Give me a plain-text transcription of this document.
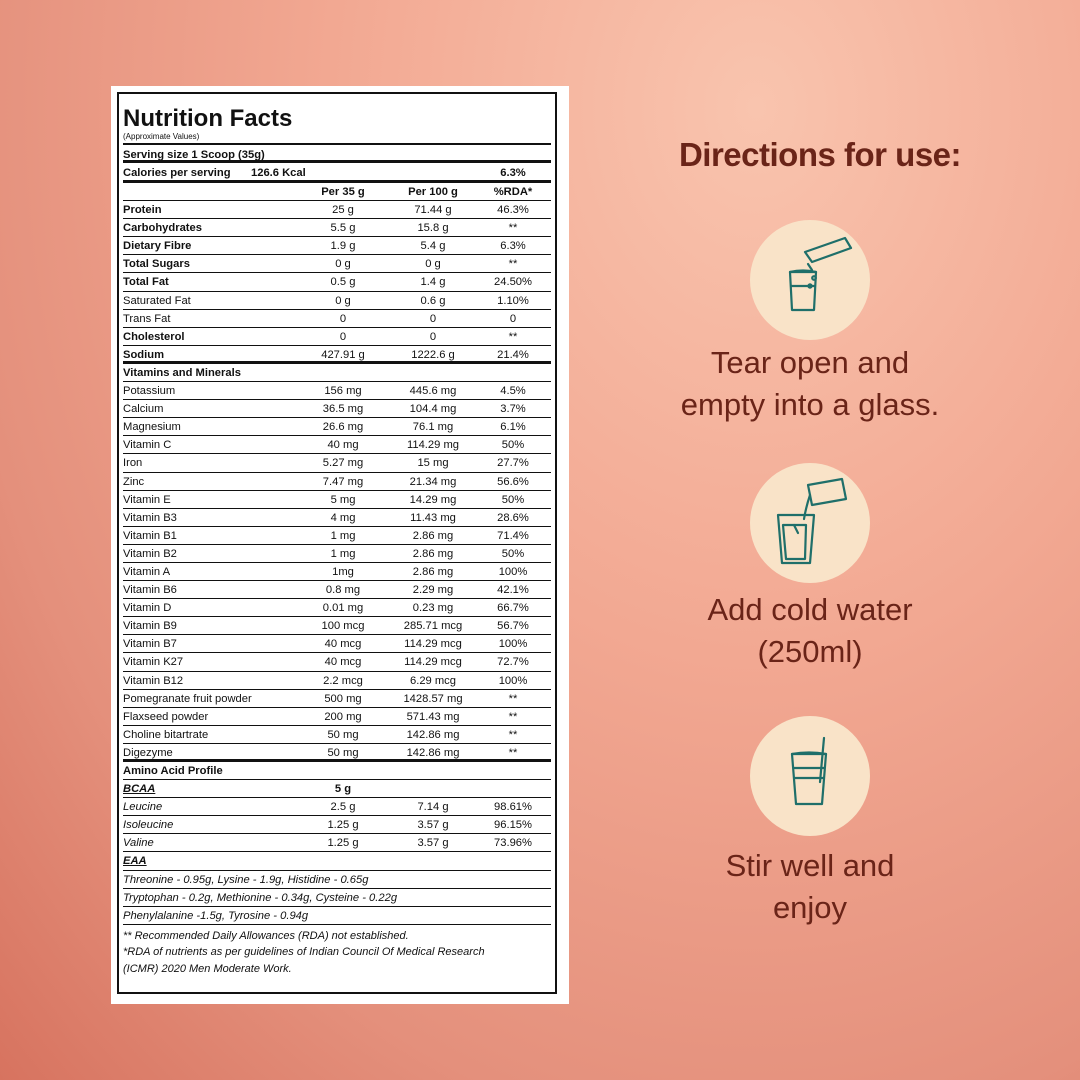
Nutrition Facts
(Approximate Values)
Serving size 1 Scoop (35g)
Calories per serving	126.6 Kcal	6.3%
Per 35 g	Per 100 g	%RDA*
Protein	25 g	71.44 g	46.3%
Carbohydrates	5.5 g	15.8 g	**
Dietary Fibre	1.9 g	5.4 g	6.3%
Total Sugars	0 g	0 g	**
Total Fat	0.5 g	1.4 g	24.50%
Saturated Fat	0 g	0.6 g	1.10%
Trans Fat	0	0	0
Cholesterol	0	0	**
Sodium	427.91 g	1222.6 g	21.4%
Vitamins and Minerals
Potassium	156 mg	445.6 mg	4.5%
Calcium	36.5 mg	104.4 mg	3.7%
Magnesium	26.6 mg	76.1 mg	6.1%
Vitamin C	40 mg	114.29 mg	50%
Iron	5.27 mg	15 mg	27.7%
Zinc	7.47 mg	21.34 mg	56.6%
Vitamin E	5 mg	14.29 mg	50%
Vitamin B3	4 mg	11.43 mg	28.6%
Vitamin B1	1 mg	2.86 mg	71.4%
Vitamin B2	1 mg	2.86 mg	50%
Vitamin A	1mg	2.86 mg	100%
Vitamin B6	0.8 mg	2.29 mg	42.1%
Vitamin D	0.01 mg	0.23 mg	66.7%
Vitamin B9	100 mcg	285.71 mcg	56.7%
Vitamin B7	40 mcg	114.29 mcg	100%
Vitamin K27	40 mcg	114.29 mcg	72.7%
Vitamin B12	2.2 mcg	6.29 mcg	100%
Pomegranate fruit powder	500 mg	1428.57 mg	**
Flaxseed powder	200 mg	571.43 mg	**
Choline bitartrate	50 mg	142.86 mg	**
Digezyme	50 mg	142.86 mg	**
Amino Acid Profile
BCAA	5 g
Leucine	2.5 g	7.14 g	98.61%
Isoleucine	1.25 g	3.57 g	96.15%
Valine	1.25 g	3.57 g	73.96%
EAA
Threonine - 0.95g, Lysine - 1.9g, Histidine - 0.65g
Tryptophan - 0.2g, Methionine - 0.34g, Cysteine - 0.22g
Phenylalanine -1.5g, Tyrosine - 0.94g
** Recommended Daily Allowances (RDA) not established.
*RDA of nutrients as per guidelines of Indian Council Of Medical Research
(ICMR) 2020 Men Moderate Work.
Directions for use:
Tear open and
empty into a glass.
Add cold water
(250ml)
Stir well and
enjoy
